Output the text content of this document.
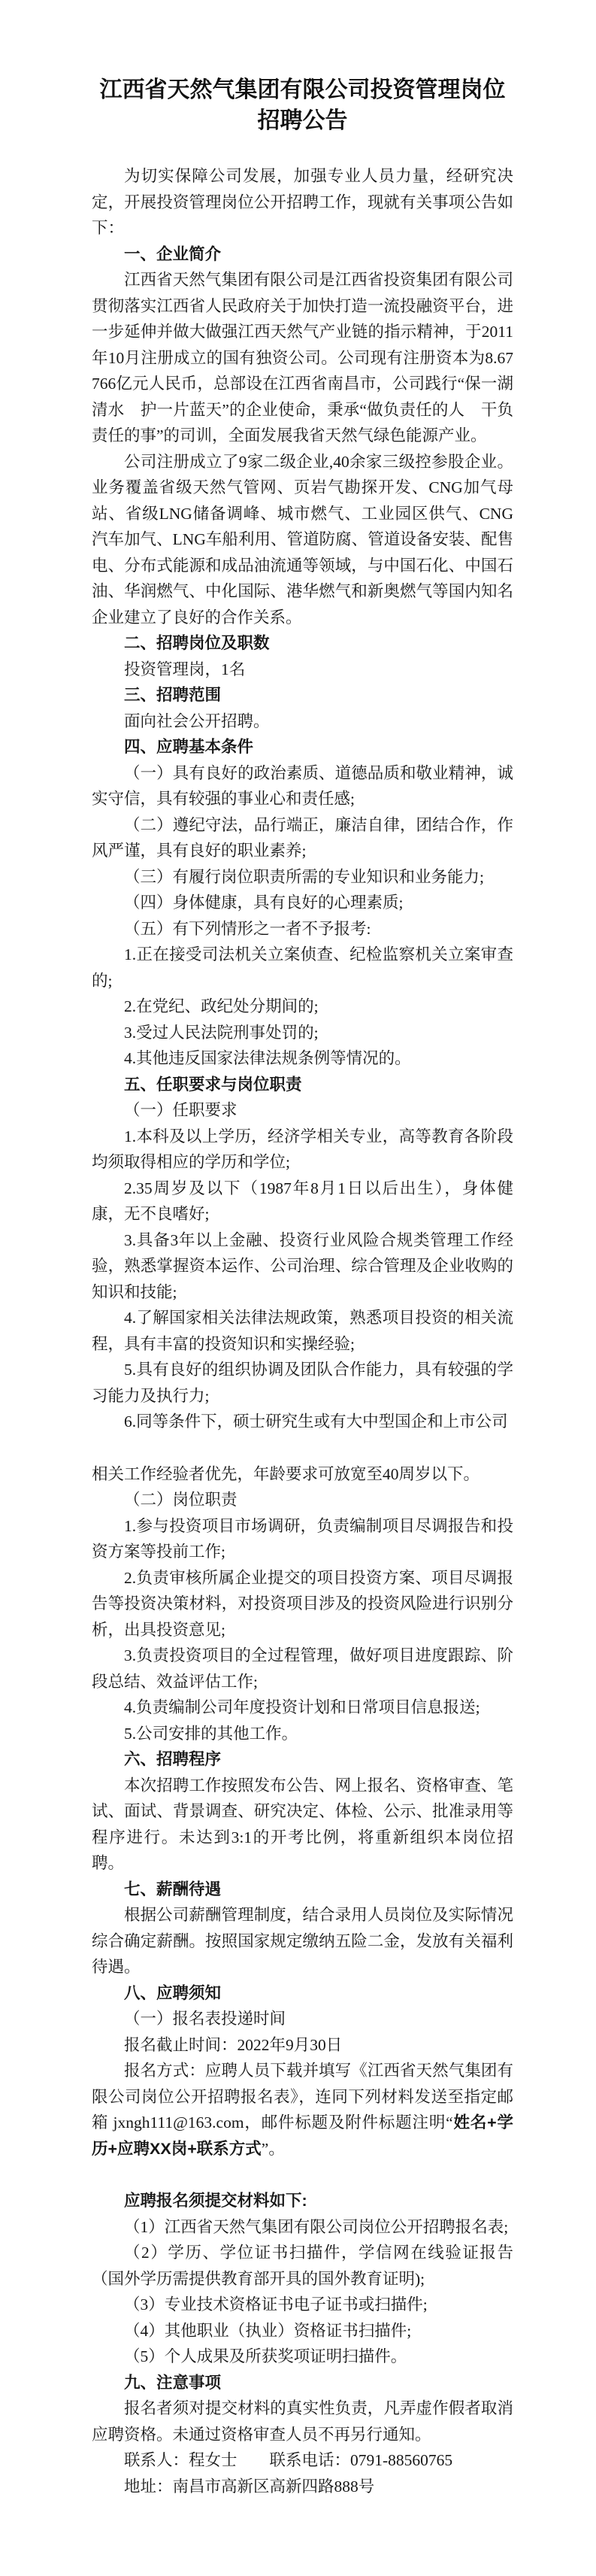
江西省天然气集团有限公司投资管理岗位
招聘公告

为切实保障公司发展，加强专业人员力量，经研究决定，开展投资管理岗位公开招聘工作，现就有关事项公告如下：

一、企业简介

江西省天然气集团有限公司是江西省投资集团有限公司贯彻落实江西省人民政府关于加快打造一流投融资平台，进一步延伸并做大做强江西天然气产业链的指示精神，于2011年10月注册成立的国有独资公司。公司现有注册资本为8.67766亿元人民币，总部设在江西省南昌市，公司践行“保一湖清水　护一片蓝天”的企业使命，秉承“做负责任的人　干负责任的事”的司训，全面发展我省天然气绿色能源产业。

公司注册成立了9家二级企业,40余家三级控参股企业。业务覆盖省级天然气管网、页岩气勘探开发、CNG加气母站、省级LNG储备调峰、城市燃气、工业园区供气、CNG汽车加气、LNG车船利用、管道防腐、管道设备安装、配售电、分布式能源和成品油流通等领域，与中国石化、中国石油、华润燃气、中化国际、港华燃气和新奥燃气等国内知名企业建立了良好的合作关系。

二、招聘岗位及职数

投资管理岗，1名

三、招聘范围

面向社会公开招聘。

四、应聘基本条件

（一）具有良好的政治素质、道德品质和敬业精神，诚实守信，具有较强的事业心和责任感;

（二）遵纪守法，品行端正，廉洁自律，团结合作，作风严谨，具有良好的职业素养;

（三）有履行岗位职责所需的专业知识和业务能力;

（四）身体健康，具有良好的心理素质;

（五）有下列情形之一者不予报考:

1.正在接受司法机关立案侦查、纪检监察机关立案审查的;

2.在党纪、政纪处分期间的;

3.受过人民法院刑事处罚的;

4.其他违反国家法律法规条例等情况的。

五、任职要求与岗位职责

（一）任职要求

1.本科及以上学历，经济学相关专业，高等教育各阶段均须取得相应的学历和学位;

2.35周岁及以下（1987年8月1日以后出生），身体健康，无不良嗜好;

3.具备3年以上金融、投资行业风险合规类管理工作经验，熟悉掌握资本运作、公司治理、综合管理及企业收购的知识和技能;

4.了解国家相关法律法规政策，熟悉项目投资的相关流程，具有丰富的投资知识和实操经验;

5.具有良好的组织协调及团队合作能力，具有较强的学习能力及执行力;

6.同等条件下，硕士研究生或有大中型国企和上市公司

相关工作经验者优先，年龄要求可放宽至40周岁以下。

（二）岗位职责

1.参与投资项目市场调研，负责编制项目尽调报告和投资方案等投前工作;

2.负责审核所属企业提交的项目投资方案、项目尽调报告等投资决策材料，对投资项目涉及的投资风险进行识别分析，出具投资意见;

3.负责投资项目的全过程管理，做好项目进度跟踪、阶段总结、效益评估工作;

4.负责编制公司年度投资计划和日常项目信息报送;

5.公司安排的其他工作。

六、招聘程序

本次招聘工作按照发布公告、网上报名、资格审查、笔试、面试、背景调查、研究决定、体检、公示、批准录用等程序进行。未达到3:1的开考比例，将重新组织本岗位招聘。

七、薪酬待遇

根据公司薪酬管理制度，结合录用人员岗位及实际情况综合确定薪酬。按照国家规定缴纳五险二金，发放有关福利待遇。

八、应聘须知

（一）报名表投递时间

报名截止时间：2022年9月30日

报名方式：应聘人员下载并填写《江西省天然气集团有限公司岗位公开招聘报名表》，连同下列材料发送至指定邮箱 jxngh111@163.com，邮件标题及附件标题注明“姓名+学历+应聘XX岗+联系方式”。

应聘报名须提交材料如下:

（1）江西省天然气集团有限公司岗位公开招聘报名表;

（2）学历、学位证书扫描件，学信网在线验证报告（国外学历需提供教育部开具的国外教育证明);

（3）专业技术资格证书电子证书或扫描件;

（4）其他职业（执业）资格证书扫描件;

（5）个人成果及所获奖项证明扫描件。

九、注意事项

报名者须对提交材料的真实性负责，凡弄虚作假者取消应聘资格。未通过资格审查人员不再另行通知。

联系人：程女士　　联系电话：0791-88560765

地址：南昌市高新区高新四路888号
